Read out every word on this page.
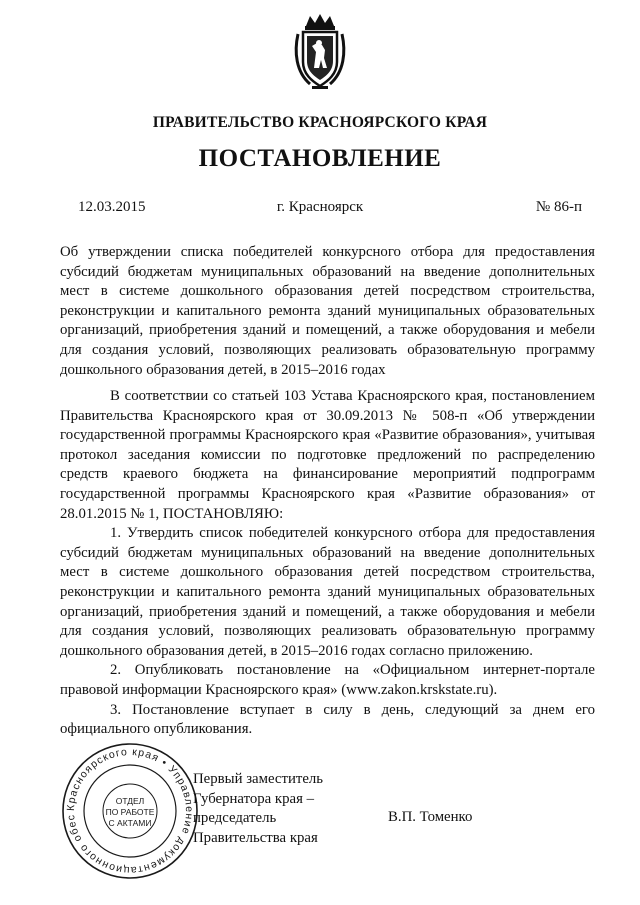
ПРАВИТЕЛЬСТВО КРАСНОЯРСКОГО КРАЯ
ПОСТАНОВЛЕНИЕ
12.03.2015	г. Красноярск	№ 86-п
Об утверждении списка победителей конкурсного отбора для предоставления субсидий бюджетам муниципальных образований на введение дополнительных мест в системе дошкольного образования детей посредством строительства, реконструкции и капитального ремонта зданий муниципальных образовательных организаций, приобретения зданий и помещений, а также оборудования и мебели для создания условий, позволяющих реализовать образовательную программу дошкольного образования детей, в 2015–2016 годах

В соответствии со статьей 103 Устава Красноярского края, постановлением Правительства Красноярского края от 30.09.2013 № 508-п «Об утверждении государственной программы Красноярского края «Развитие образования», учитывая протокол заседания комиссии по подготовке предложений по распределению средств краевого бюджета на финансирование мероприятий подпрограмм государственной программы Красноярского края «Развитие образования» от 28.01.2015 № 1, ПОСТАНОВЛЯЮ:

1. Утвердить список победителей конкурсного отбора для предоставления субсидий бюджетам муниципальных образований на введение дополнительных мест в системе дошкольного образования детей посредством строительства, реконструкции и капитального ремонта зданий муниципальных образовательных организаций, приобретения зданий и помещений, а также оборудования и мебели для создания условий, позволяющих реализовать образовательную программу дошкольного образования детей, в 2015–2016 годах согласно приложению.

2. Опубликовать постановление на «Официальном интернет-портале правовой информации Красноярского края» (www.zakon.krskstate.ru).

3. Постановление вступает в силу в день, следующий за днем его официального опубликования.

Красноярского края • Управление документационного обес
ОТДЕЛ
ПО РАБОТЕ
С АКТАМИ
Первый заместитель
Губернатора края –
председатель
Правительства края
В.П. Томенко
